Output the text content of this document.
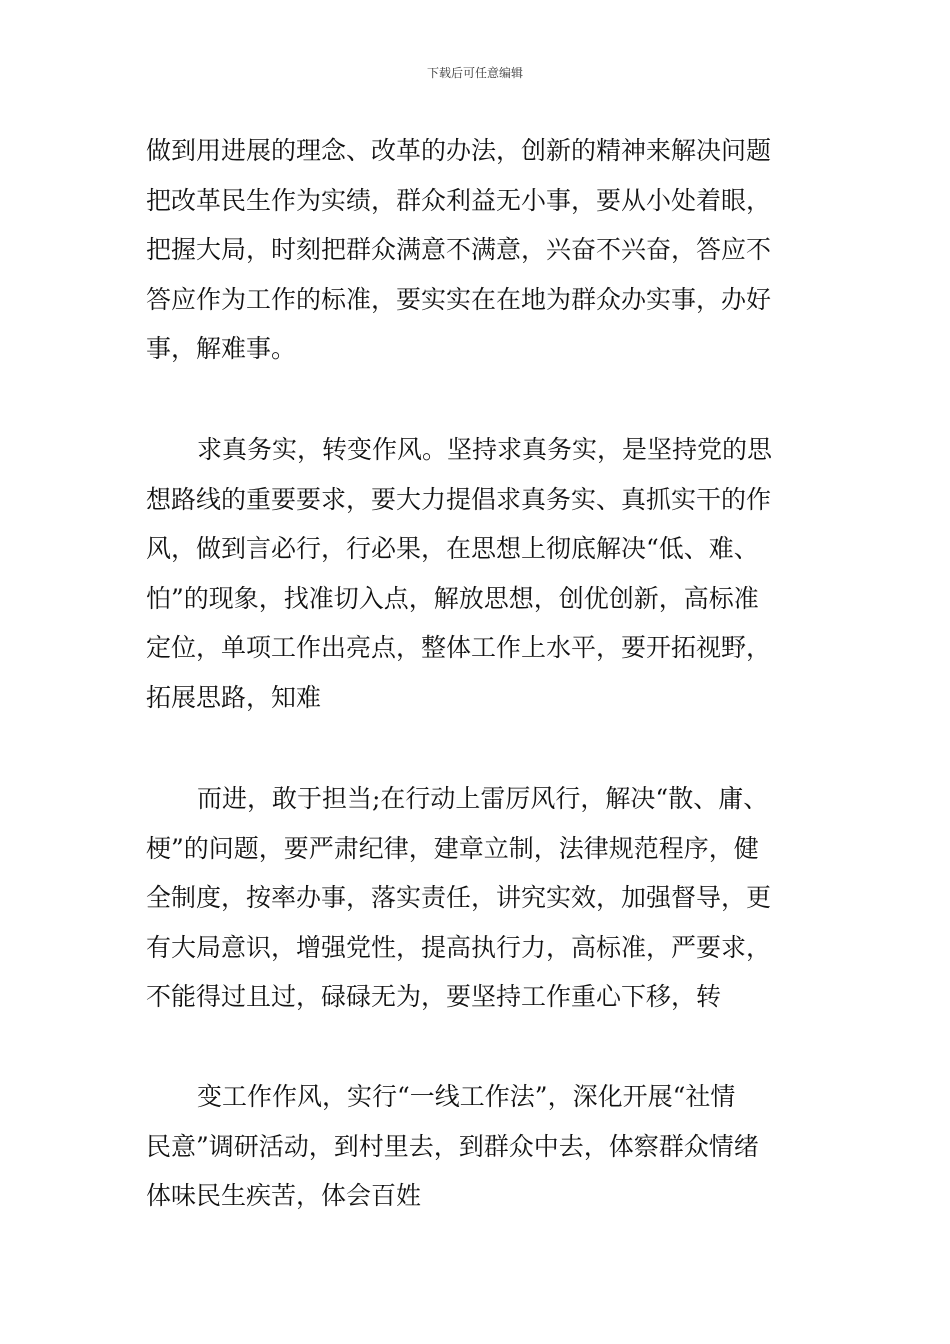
下载后可任意编辑
做到用进展的理念、改革的办法，创新的精神来解决问题
把改革民生作为实绩，群众利益无小事，要从小处着眼，
把握大局，时刻把群众满意不满意，兴奋不兴奋，答应不
答应作为工作的标准，要实实在在地为群众办实事，办好
事，解难事。
求真务实，转变作风。坚持求真务实，是坚持党的思
想路线的重要要求，要大力提倡求真务实、真抓实干的作
风，做到言必行，行必果，在思想上彻底解决“低、难、
怕”的现象，找准切入点，解放思想，创优创新，高标准
定位，单项工作出亮点，整体工作上水平，要开拓视野，
拓展思路，知难
而进，敢于担当;在行动上雷厉风行，解决“散、庸、
梗”的问题，要严肃纪律，建章立制，法律规范程序，健
全制度，按率办事，落实责任，讲究实效，加强督导，更
有大局意识，增强党性，提高执行力，高标准，严要求，
不能得过且过，碌碌无为，要坚持工作重心下移，转
变工作作风，实行“一线工作法”，深化开展“社情
民意”调研活动，到村里去，到群众中去，体察群众情绪
体味民生疾苦，体会百姓
